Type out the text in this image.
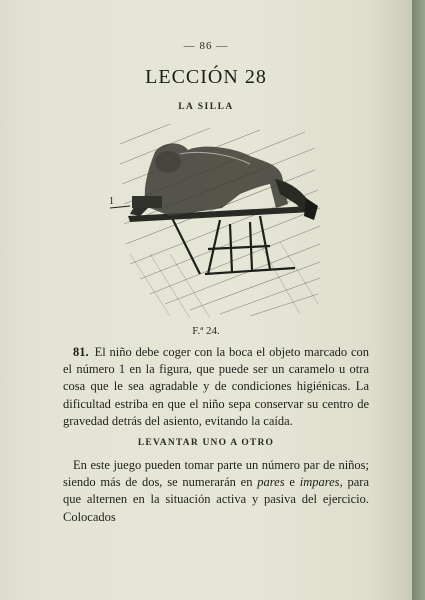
— 86 —
LECCIÓN 28
LA SILLA
1
F.ª 24.

81. El niño debe coger con la boca el objeto marcado con el número 1 en la figura, que puede ser un caramelo u otra cosa que le sea agradable y de condiciones higiénicas. La dificultad estriba en que el niño sepa conservar su centro de gravedad detrás del asiento, evitando la caída.

LEVANTAR UNO A OTRO

En este juego pueden tomar parte un número par de niños; siendo más de dos, se numerarán en pares e impares, para que alternen en la situación activa y pasiva del ejercicio. Colocados
